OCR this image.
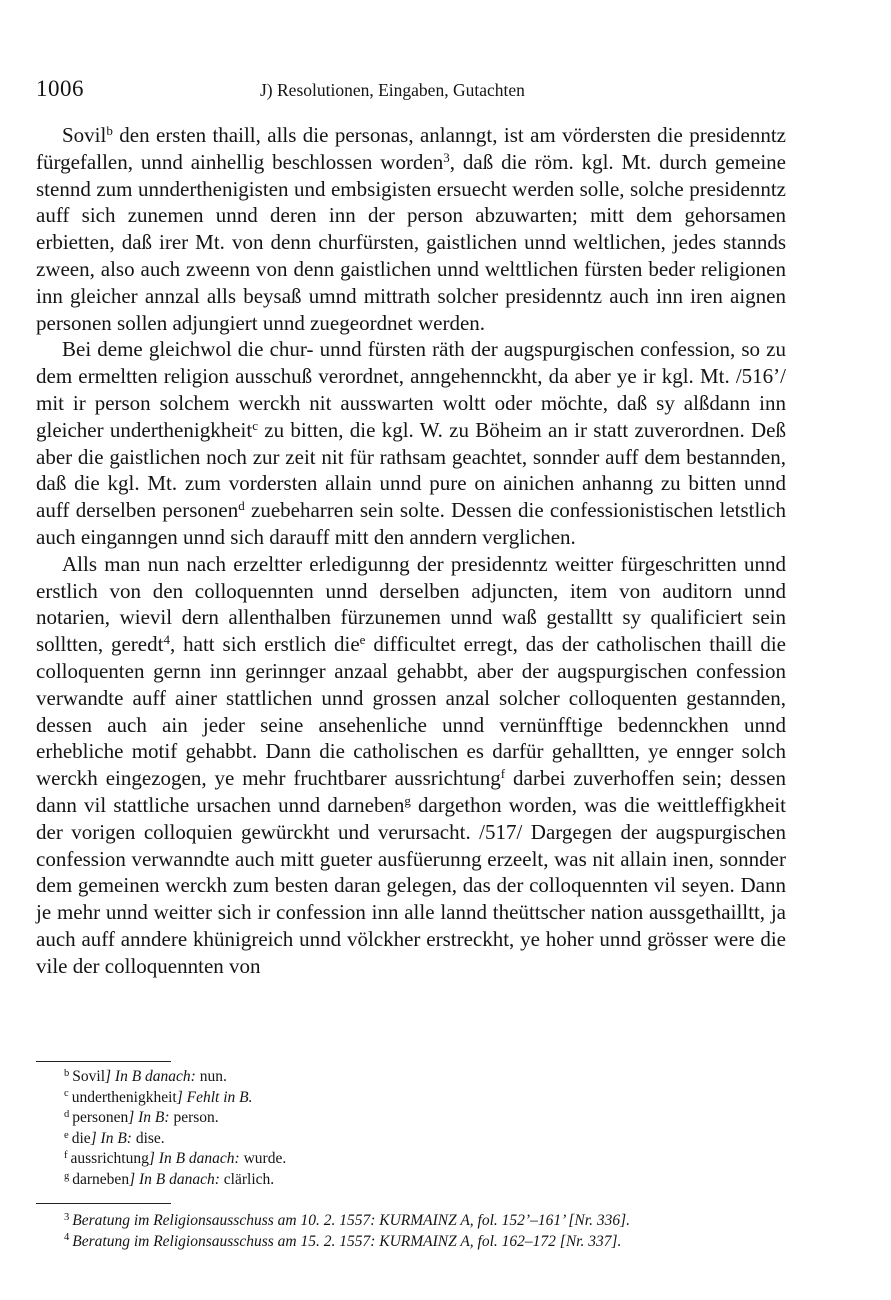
1006	J) Resolutionen, Eingaben, Gutachten

Sovil$^b$ den ersten thaill, alls die personas, anlanngt, ist am vördersten die presidenntz fürgefallen, unnd ainhellig beschlossen worden$^3$, daß die röm. kgl. Mt. durch gemeine stennd zum unnderthenigisten und embsigisten ersuecht werden solle, solche presidenntz auff sich zunemen unnd deren inn der person abzuwarten; mitt dem gehorsamen erbietten, daß irer Mt. von denn churfürsten, gaistlichen unnd weltlichen, jedes stannds zween, also auch zweenn von denn gaistlichen unnd welttlichen fürsten beder religionen inn gleicher annzal alls beysaß umnd mittrath solcher presidenntz auch inn iren aignen personen sollen adjungiert unnd zuegeordnet werden.

Bei deme gleichwol die chur- unnd fürsten räth der augspurgischen confession, so zu dem ermeltten religion ausschuß verordnet, anngehennckht, da aber ye ir kgl. Mt. /516’/ mit ir person solchem werckh nit ausswarten woltt oder möchte, daß sy alßdann inn gleicher underthenigkheit$^c$ zu bitten, die kgl. W. zu Böheim an ir statt zuverordnen. Deß aber die gaistlichen noch zur zeit nit für rathsam geachtet, sonnder auff dem bestannden, daß die kgl. Mt. zum vordersten allain unnd pure on ainichen anhanng zu bitten unnd auff derselben personen$^d$ zuebeharren sein solte. Dessen die confessionistischen letstlich auch einganngen unnd sich darauff mitt den anndern verglichen.

Alls man nun nach erzeltter erledigunng der presidenntz weitter fürgeschritten unnd erstlich von den colloquennten unnd derselben adjuncten, item von auditorn unnd notarien, wievil dern allenthalben fürzunemen unnd waß gestalltt sy qualificiert sein solltten, geredt$^4$, hatt sich erstlich die$^e$ difficultet erregt, das der catholischen thaill die colloquenten gernn inn gerinnger anzaal gehabbt, aber der augspurgischen confession verwandte auff ainer stattlichen unnd grossen anzal solcher colloquenten gestannden, dessen auch ain jeder seine ansehenliche unnd vernünfftige bedennckhen unnd erhebliche motif gehabbt. Dann die catholischen es darfür gehalltten, ye ennger solch werckh eingezogen, ye mehr fruchtbarer aussrichtung$^f$ darbei zuverhoffen sein; dessen dann vil stattliche ursachen unnd darneben$^g$ dargethon worden, was die weittleffigkheit der vorigen colloquien gewürckht und verursacht. /517/ Dargegen der augspurgischen confession verwanndte auch mitt gueter ausfüerunng erzeelt, was nit allain inen, sonnder dem gemeinen werckh zum besten daran gelegen, das der colloquennten vil seyen. Dann je mehr unnd weitter sich ir confession inn alle lannd theüttscher nation aussgethailltt, ja auch auff anndere khünigreich unnd völckher erstreckht, ye hoher unnd grösser were die vile der colloquennten von

$^b$ Sovil] In B danach: nun.
$^c$ underthenigkheit] Fehlt in B.
$^d$ personen] In B: person.
$^e$ die] In B: dise.
$^f$ aussrichtung] In B danach: wurde.
$^g$ darneben] In B danach: clärlich.
$^3$ Beratung im Religionsausschuss am 10. 2. 1557: KURMAINZ A, fol. 152’–161’ [Nr. 336].
$^4$ Beratung im Religionsausschuss am 15. 2. 1557: KURMAINZ A, fol. 162–172 [Nr. 337].
